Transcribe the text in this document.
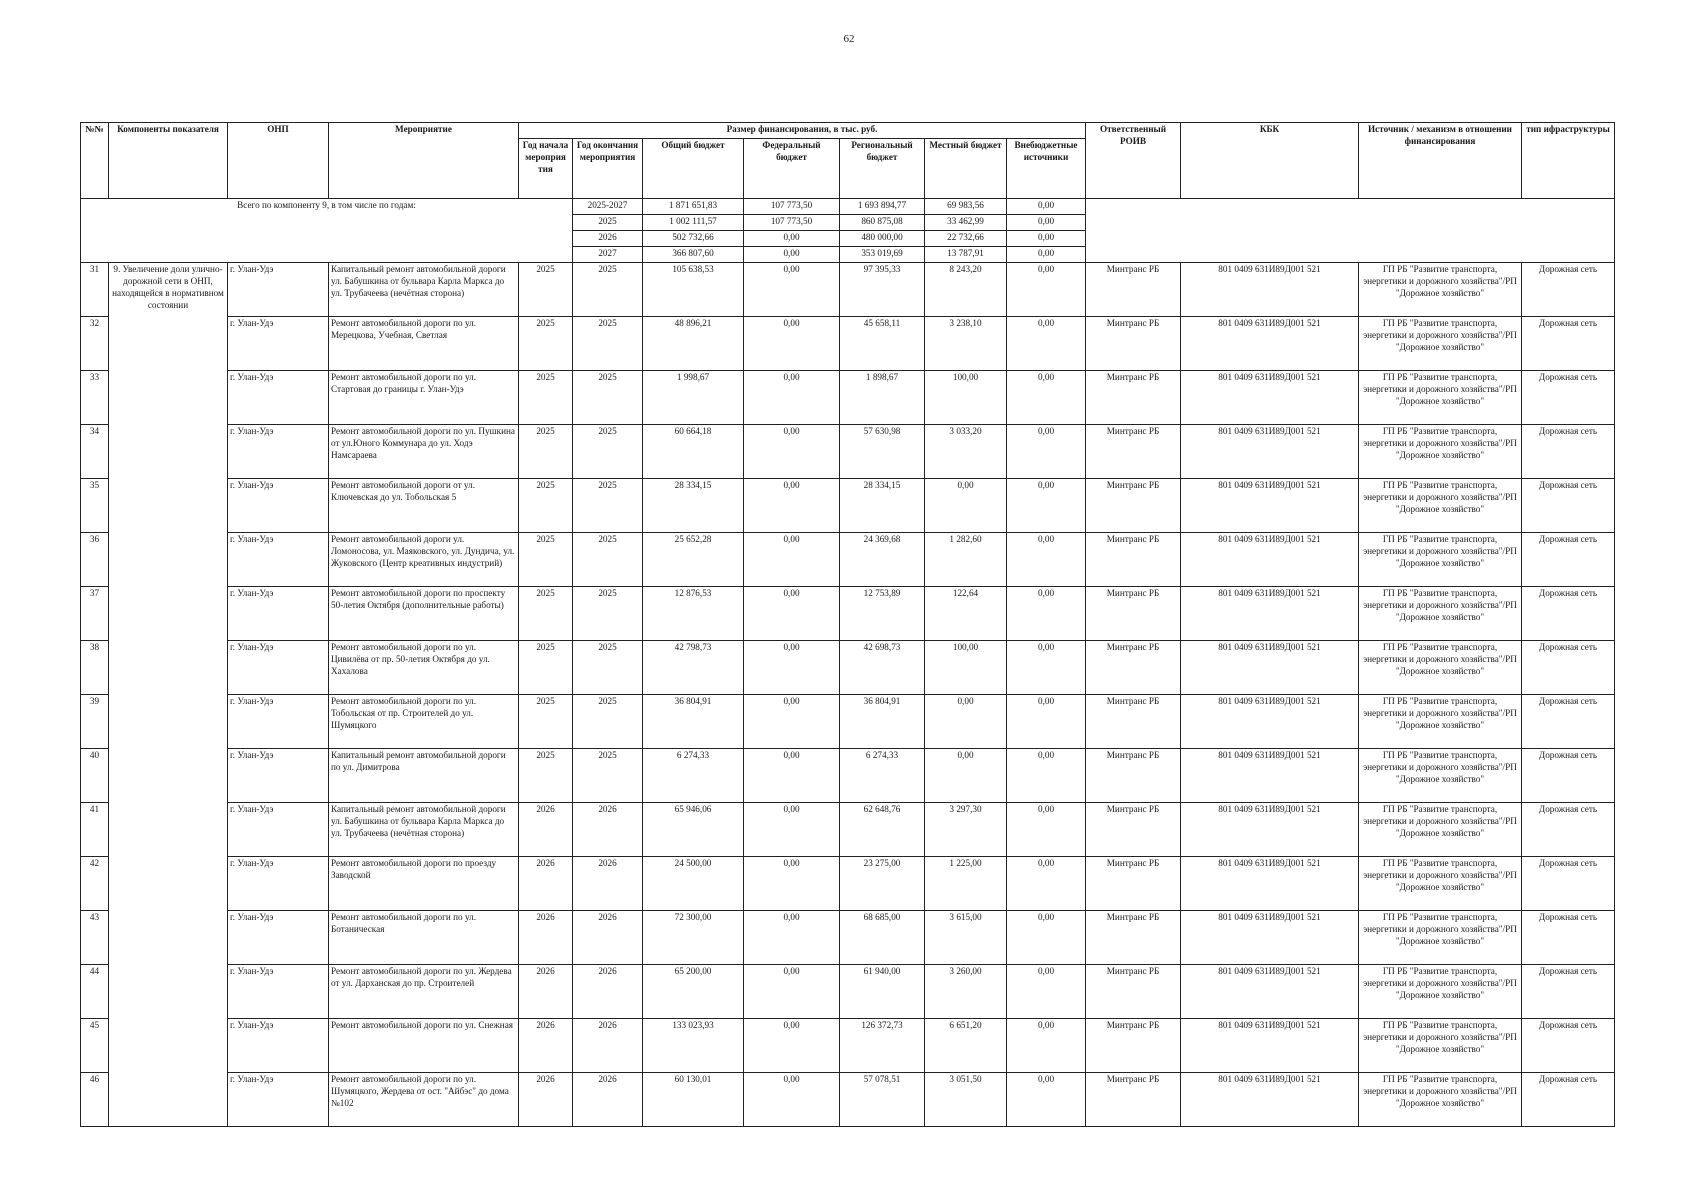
62
№№	Компоненты показателя	ОНП	Мероприятие	Размер финансирования, в тыс. руб.							Ответственный РОИВ	КБК	Источник / механизм в отношении финансирования	тип ифраструктуры
				Год начала мероприя тия	Год окончания мероприятия	Общий бюджет	Федеральный бюджет	Региональный бюджет	Местный бюджет	Внебюджетные источники				
Всего по компоненту 9, в том числе по годам:					2025-2027	1 871 651,83	107 773,50	1 693 894,77	69 983,56	0,00				
					2025	1 002 111,57	107 773,50	860 875,08	33 462,99	0,00				
					2026	502 732,66	0,00	480 000,00	22 732,66	0,00				
					2027	366 807,60	0,00	353 019,69	13 787,91	0,00				
31	9. Увеличение доли улично-дорожной сети в ОНП, находящейся в нормативном состоянии	г. Улан-Удэ	Капитальный ремонт автомобильной дороги ул. Бабушкина от бульвара Карла Маркса до ул. Трубачеева (нечётная сторона)	2025	2025	105 638,53	0,00	97 395,33	8 243,20	0,00	Минтранс РБ	801 0409 631И89Д001 521	ГП РБ "Развитие транспорта, энергетики и дорожного хозяйства"/РП "Дорожное хозяйство"	Дорожная сеть
32		г. Улан-Удэ	Ремонт автомобильной дороги по ул. Мерецкова, Учебная, Светлая	2025	2025	48 896,21	0,00	45 658,11	3 238,10	0,00	Минтранс РБ	801 0409 631И89Д001 521	ГП РБ "Развитие транспорта, энергетики и дорожного хозяйства"/РП "Дорожное хозяйство"	Дорожная сеть
33		г. Улан-Удэ	Ремонт автомобильной дороги по ул. Стартовая до границы г. Улан-Удэ	2025	2025	1 998,67	0,00	1 898,67	100,00	0,00	Минтранс РБ	801 0409 631И89Д001 521	ГП РБ "Развитие транспорта, энергетики и дорожного хозяйства"/РП "Дорожное хозяйство"	Дорожная сеть
34		г. Улан-Удэ	Ремонт автомобильной дороги по ул. Пушкина от ул.Юного Коммунара до ул. Ходэ Намсараева	2025	2025	60 664,18	0,00	57 630,98	3 033,20	0,00	Минтранс РБ	801 0409 631И89Д001 521	ГП РБ "Развитие транспорта, энергетики и дорожного хозяйства"/РП "Дорожное хозяйство"	Дорожная сеть
35		г. Улан-Удэ	Ремонт автомобильной дороги от ул. Ключевская до ул. Тобольская 5	2025	2025	28 334,15	0,00	28 334,15	0,00	0,00	Минтранс РБ	801 0409 631И89Д001 521	ГП РБ "Развитие транспорта, энергетики и дорожного хозяйства"/РП "Дорожное хозяйство"	Дорожная сеть
36		г. Улан-Удэ	Ремонт автомобильной дороги ул. Ломоносова, ул. Маяковского, ул. Дундича, ул. Жуковского (Центр креативных индустрий)	2025	2025	25 652,28	0,00	24 369,68	1 282,60	0,00	Минтранс РБ	801 0409 631И89Д001 521	ГП РБ "Развитие транспорта, энергетики и дорожного хозяйства"/РП "Дорожное хозяйство"	Дорожная сеть
37		г. Улан-Удэ	Ремонт автомобильной дороги по проспекту 50-летия Октября (дополнительные работы)	2025	2025	12 876,53	0,00	12 753,89	122,64	0,00	Минтранс РБ	801 0409 631И89Д001 521	ГП РБ "Развитие транспорта, энергетики и дорожного хозяйства"/РП "Дорожное хозяйство"	Дорожная сеть
38		г. Улан-Удэ	Ремонт автомобильной дороги по ул. Цивилёва от пр. 50-летия Октября до ул. Хахалова	2025	2025	42 798,73	0,00	42 698,73	100,00	0,00	Минтранс РБ	801 0409 631И89Д001 521	ГП РБ "Развитие транспорта, энергетики и дорожного хозяйства"/РП "Дорожное хозяйство"	Дорожная сеть
39		г. Улан-Удэ	Ремонт автомобильной дороги по ул. Тобольская от пр. Строителей до ул. Шумяцкого	2025	2025	36 804,91	0,00	36 804,91	0,00	0,00	Минтранс РБ	801 0409 631И89Д001 521	ГП РБ "Развитие транспорта, энергетики и дорожного хозяйства"/РП "Дорожное хозяйство"	Дорожная сеть
40		г. Улан-Удэ	Капитальный ремонт автомобильной дороги по ул. Димитрова	2025	2025	6 274,33	0,00	6 274,33	0,00	0,00	Минтранс РБ	801 0409 631И89Д001 521	ГП РБ "Развитие транспорта, энергетики и дорожного хозяйства"/РП "Дорожное хозяйство"	Дорожная сеть
41		г. Улан-Удэ	Капитальный ремонт автомобильной дороги ул. Бабушкина от бульвара Карла Маркса до ул. Трубачеева (нечётная сторона)	2026	2026	65 946,06	0,00	62 648,76	3 297,30	0,00	Минтранс РБ	801 0409 631И89Д001 521	ГП РБ "Развитие транспорта, энергетики и дорожного хозяйства"/РП "Дорожное хозяйство"	Дорожная сеть
42		г. Улан-Удэ	Ремонт автомобильной дороги по проезду Заводской	2026	2026	24 500,00	0,00	23 275,00	1 225,00	0,00	Минтранс РБ	801 0409 631И89Д001 521	ГП РБ "Развитие транспорта, энергетики и дорожного хозяйства"/РП "Дорожное хозяйство"	Дорожная сеть
43		г. Улан-Удэ	Ремонт автомобильной дороги по ул. Ботаническая	2026	2026	72 300,00	0,00	68 685,00	3 615,00	0,00	Минтранс РБ	801 0409 631И89Д001 521	ГП РБ "Развитие транспорта, энергетики и дорожного хозяйства"/РП "Дорожное хозяйство"	Дорожная сеть
44		г. Улан-Удэ	Ремонт автомобильной дороги по ул. Жердева от ул. Дарханская до пр. Строителей	2026	2026	65 200,00	0,00	61 940,00	3 260,00	0,00	Минтранс РБ	801 0409 631И89Д001 521	ГП РБ "Развитие транспорта, энергетики и дорожного хозяйства"/РП "Дорожное хозяйство"	Дорожная сеть
45		г. Улан-Удэ	Ремонт автомобильной дороги по ул. Снежная	2026	2026	133 023,93	0,00	126 372,73	6 651,20	0,00	Минтранс РБ	801 0409 631И89Д001 521	ГП РБ "Развитие транспорта, энергетики и дорожного хозяйства"/РП "Дорожное хозяйство"	Дорожная сеть
46		г. Улан-Удэ	Ремонт автомобильной дороги по ул. Шумяцкого, Жердева от ост. "Айбэс" до дома №102	2026	2026	60 130,01	0,00	57 078,51	3 051,50	0,00	Минтранс РБ	801 0409 631И89Д001 521	ГП РБ "Развитие транспорта, энергетики и дорожного хозяйства"/РП "Дорожное хозяйство"	Дорожная сеть
